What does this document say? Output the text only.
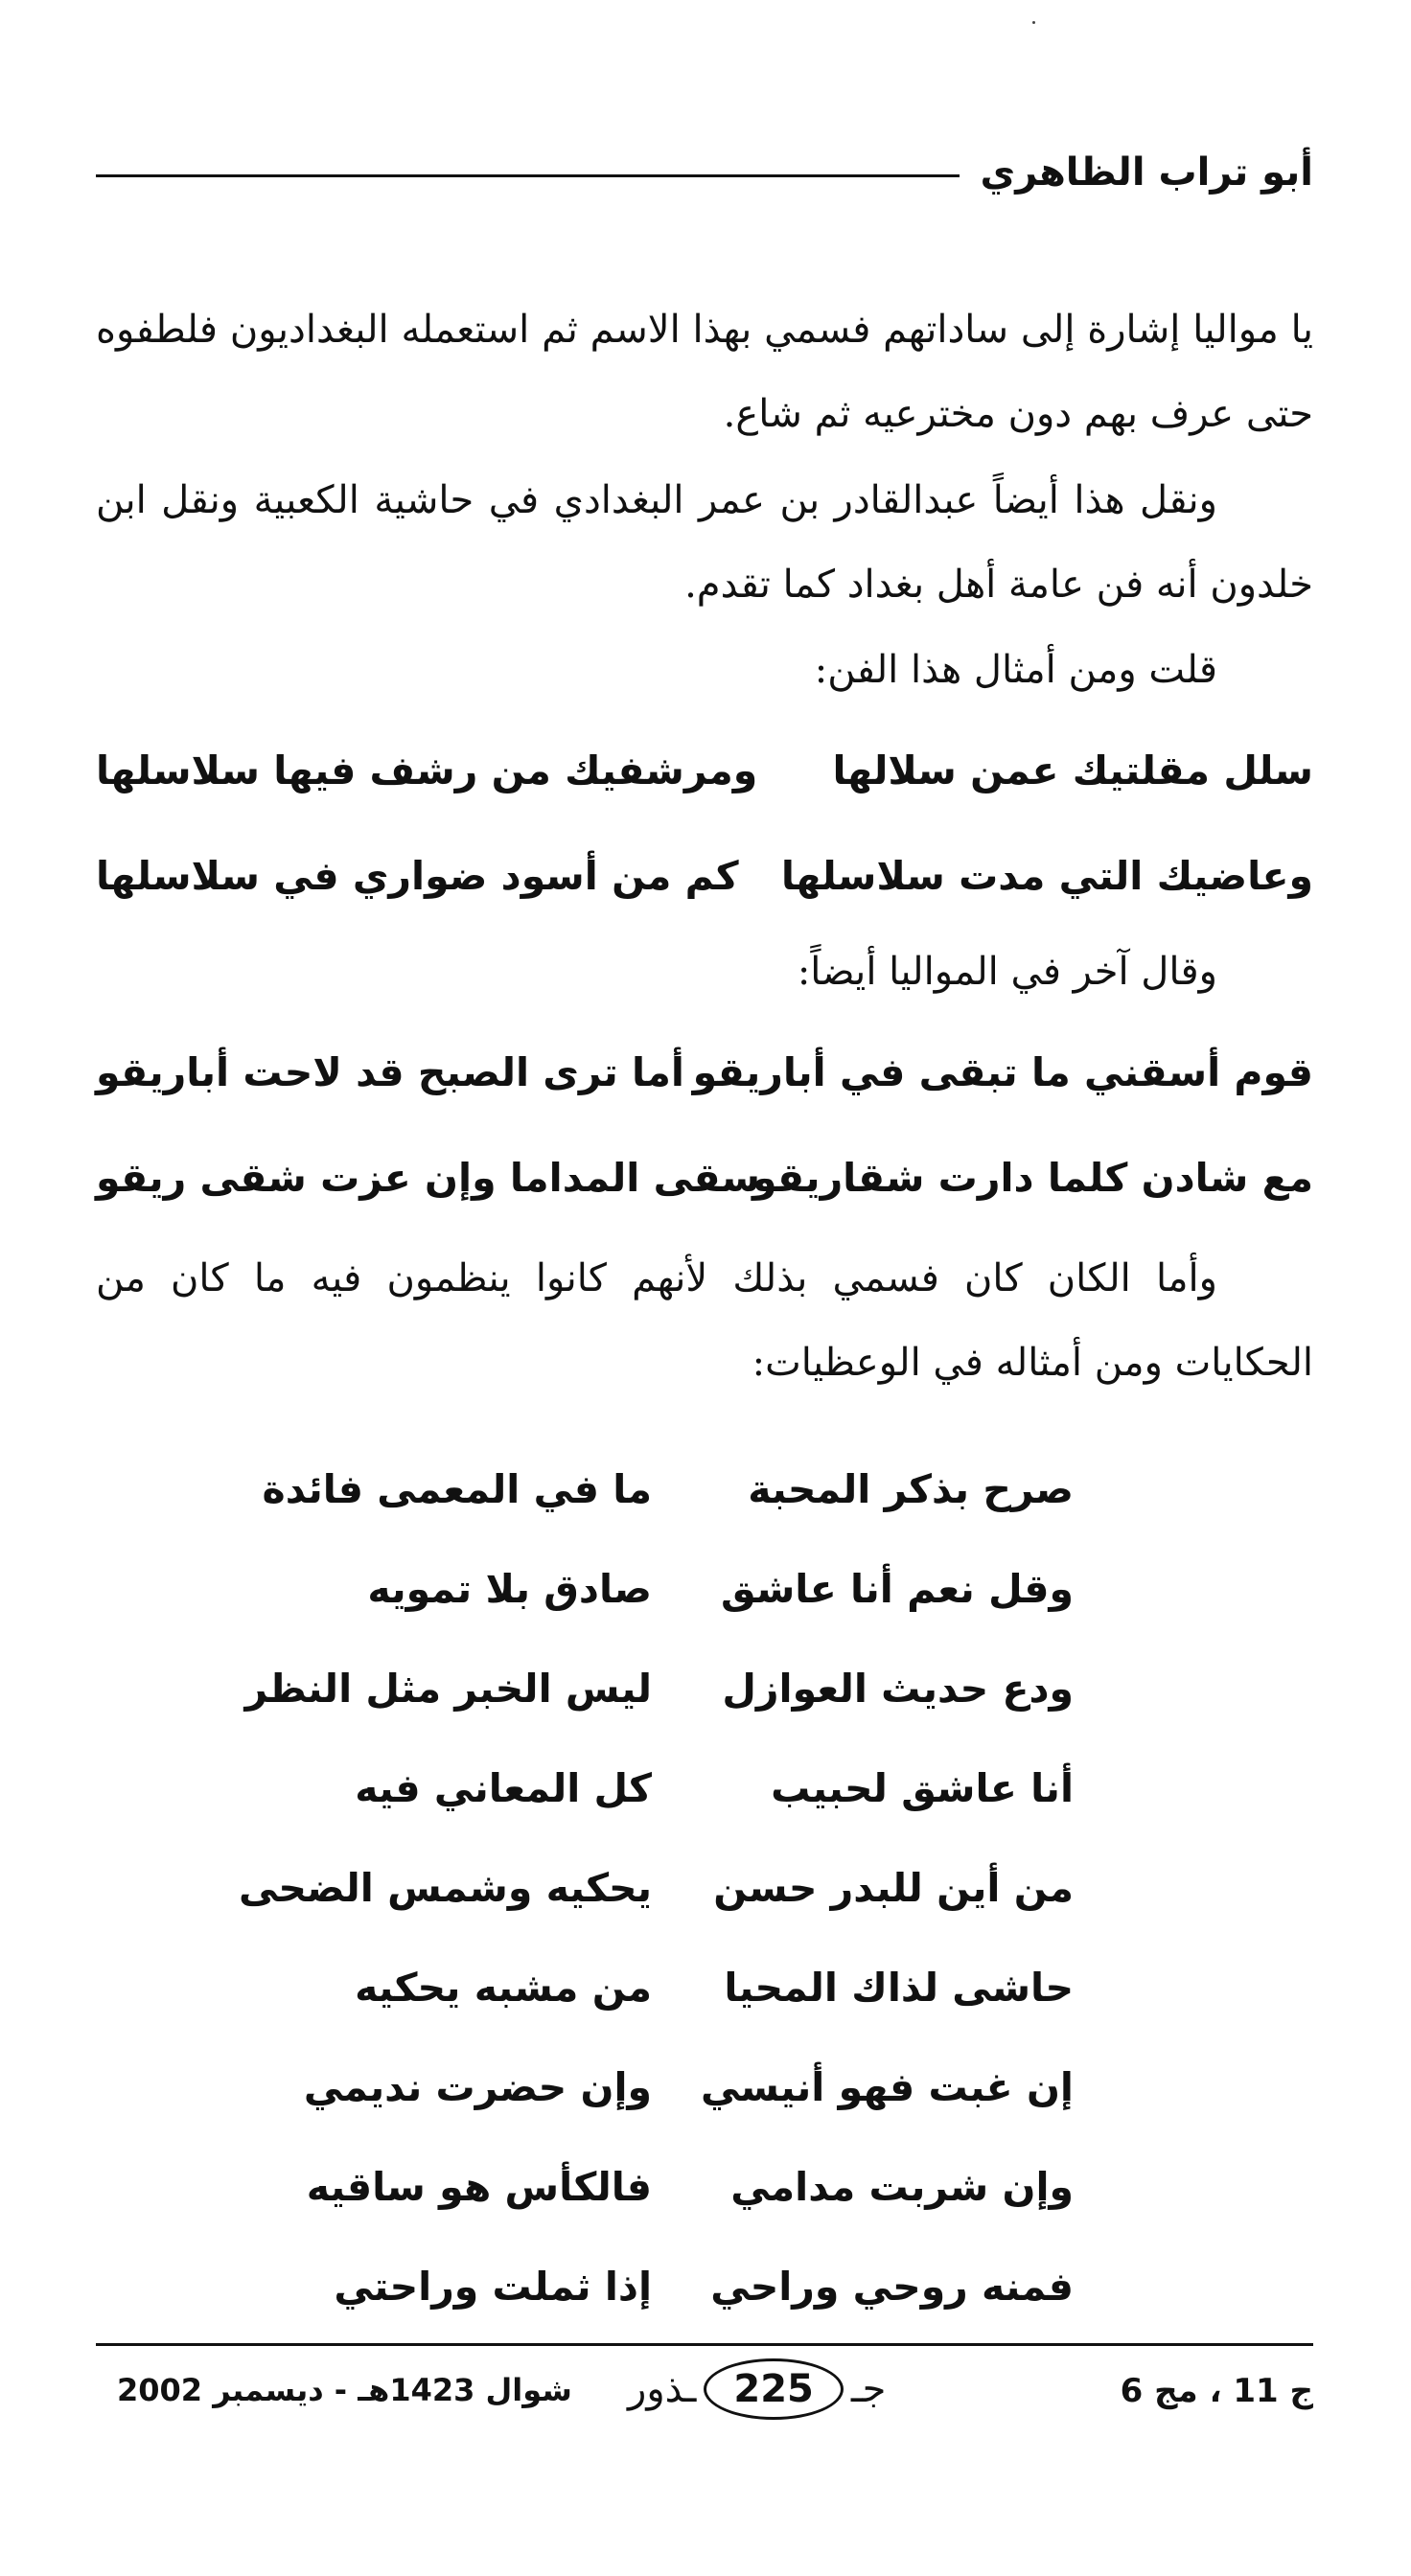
أبو تراب الظاهري

يا مواليا إشارة إلى ساداتهم فسمي بهذا الاسم ثم استعمله البغداديون فلطفوه حتى عرف بهم دون مخترعيه ثم شاع.

ونقل هذا أيضاً عبدالقادر بن عمر البغدادي في حاشية الكعبية ونقل ابن خلدون أنه فن عامة أهل بغداد كما تقدم.

قلت ومن أمثال هذا الفن:

سلل مقلتيك عمن سلالها
ومرشفيك من رشف فيها سلاسلها
وعاضيك التي مدت سلاسلها
كم من أسود ضواري في سلاسلها

وقال آخر في المواليا أيضاً:

قوم أسقني ما تبقى في أباريقو
أما ترى الصبح قد لاحت أباريقو
مع شادن كلما دارت شقاريقو
سقى المداما وإن عزت شقى ريقو

وأما الكان كان فسمي بذلك لأنهم كانوا ينظمون فيه ما كان من الحكايات ومن أمثاله في الوعظيات:

صرح بذكر المحبة
ما في المعمى فائدة
وقل نعم أنا عاشق
صادق بلا تمويه
ودع حديث العوازل
ليس الخبر مثل النظر
أنا عاشق لحبيب
كل المعاني فيه
من أين للبدر حسن
يحكيه وشمس الضحى
حاشى لذاك المحيا
من مشبه يحكيه
إن غبت فهو أنيسي
وإن حضرت نديمي
وإن شربت مدامي
فالكأس هو ساقيه
فمنه روحي وراحي
إذا ثملت وراحتي
ج 11 ، مج 6
جـ
225
ـذور
شوال 1423هـ - ديسمبر 2002
